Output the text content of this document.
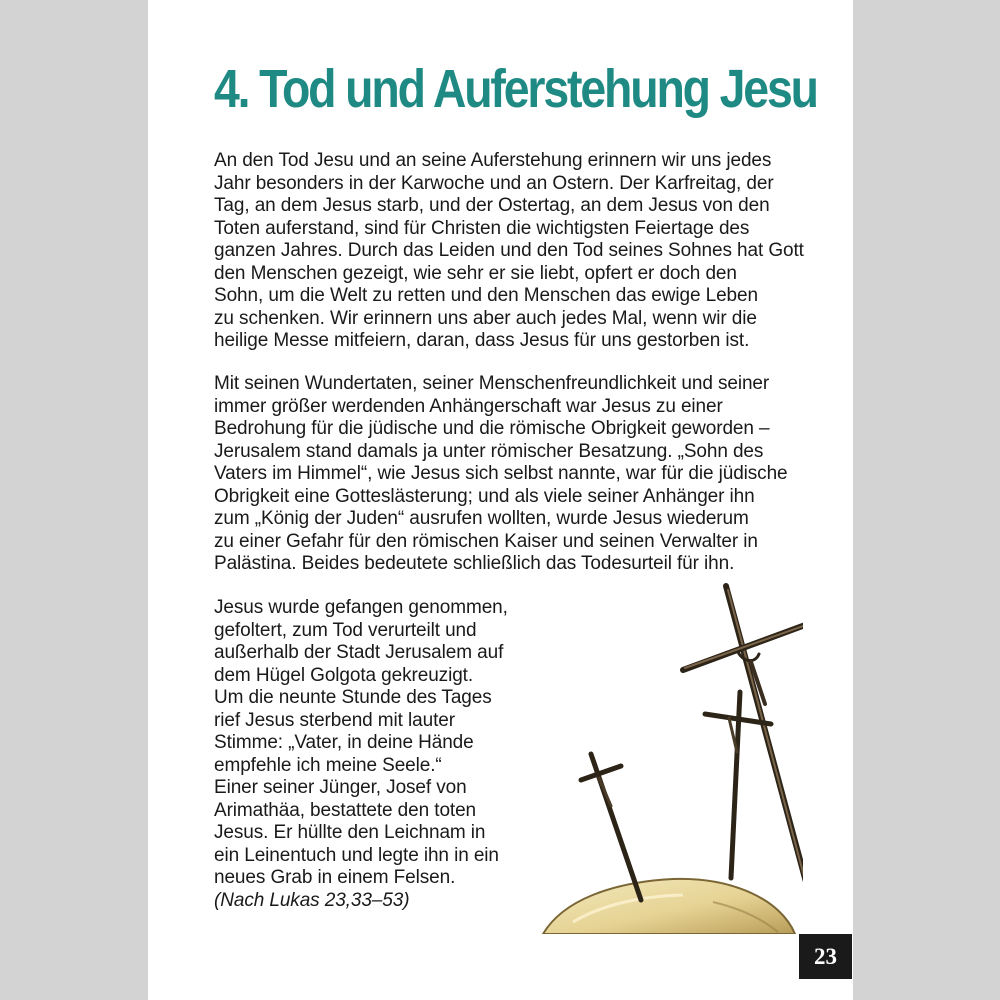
4. Tod und Auferstehung Jesu

An den Tod Jesu und an seine Auferstehung erinnern wir uns jedes
Jahr besonders in der Karwoche und an Ostern. Der Karfreitag, der
Tag, an dem Jesus starb, und der Ostertag, an dem Jesus von den
Toten auferstand, sind für Christen die wichtigsten Feiertage des
ganzen Jahres. Durch das Leiden und den Tod seines Sohnes hat Gott
den Menschen gezeigt, wie sehr er sie liebt, opfert er doch den
Sohn, um die Welt zu retten und den Menschen das ewige Leben
zu schenken. Wir erinnern uns aber auch jedes Mal, wenn wir die
heilige Messe mitfeiern, daran, dass Jesus für uns gestorben ist.

Mit seinen Wundertaten, seiner Menschenfreundlichkeit und seiner
immer größer werdenden Anhängerschaft war Jesus zu einer
Bedrohung für die jüdische und die römische Obrigkeit geworden –
Jerusalem stand damals ja unter römischer Besatzung. „Sohn des
Vaters im Himmel“, wie Jesus sich selbst nannte, war für die jüdische
Obrigkeit eine Gotteslästerung; und als viele seiner Anhänger ihn
zum „König der Juden“ ausrufen wollten, wurde Jesus wiederum
zu einer Gefahr für den römischen Kaiser und seinen Verwalter in
Palästina. Beides bedeutete schließlich das Todesurteil für ihn.

Jesus wurde gefangen genommen,
gefoltert, zum Tod verurteilt und
außerhalb der Stadt Jerusalem auf
dem Hügel Golgota gekreuzigt.
Um die neunte Stunde des Tages
rief Jesus sterbend mit lauter
Stimme: „Vater, in deine Hände
empfehle ich meine Seele.“
Einer seiner Jünger, Josef von
Arimathäa, bestattete den toten
Jesus. Er hüllte den Leichnam in
ein Leinentuch und legte ihn in ein
neues Grab in einem Felsen.
(Nach Lukas 23,33–53)

23
